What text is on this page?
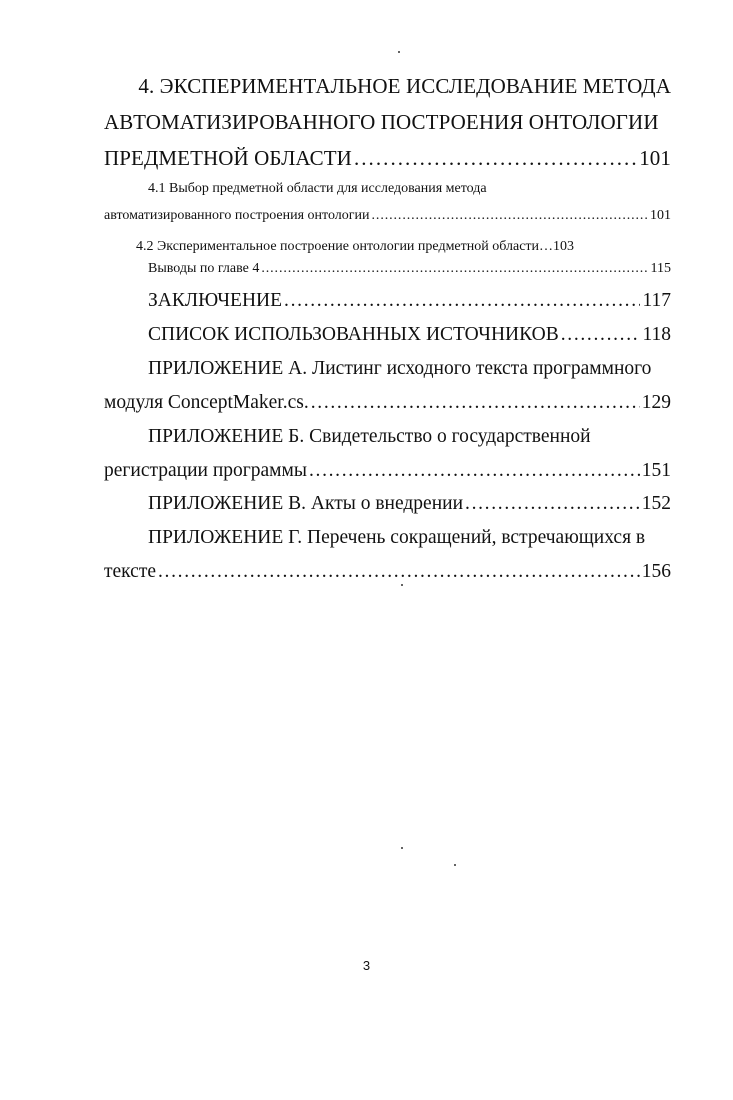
4. ЭКСПЕРИМЕНТАЛЬНОЕ ИССЛЕДОВАНИЕ МЕТОДА
АВТОМАТИЗИРОВАННОГО ПОСТРОЕНИЯ ОНТОЛОГИИ
ПРЕДМЕТНОЙ ОБЛАСТИ . . .	101
4.1 Выбор предметной области для исследования метода
автоматизированного построения онтологии . . .	101
4.2 Экспериментальное построение онтологии предметной области… 103
Выводы по главе 4 . . .	115
ЗАКЛЮЧЕНИЕ . . .	117
СПИСОК ИСПОЛЬЗОВАННЫХ ИСТОЧНИКОВ . . .	118
ПРИЛОЖЕНИЕ А. Листинг исходного текста программного
модуля ConceptMaker.cs. . . .	129
ПРИЛОЖЕНИЕ Б. Свидетельство о государственной
регистрации программы . . .	151
ПРИЛОЖЕНИЕ В. Акты о внедрении . . .	152
ПРИЛОЖЕНИЕ Г. Перечень сокращений, встречающихся в
тексте . . .	156
3
